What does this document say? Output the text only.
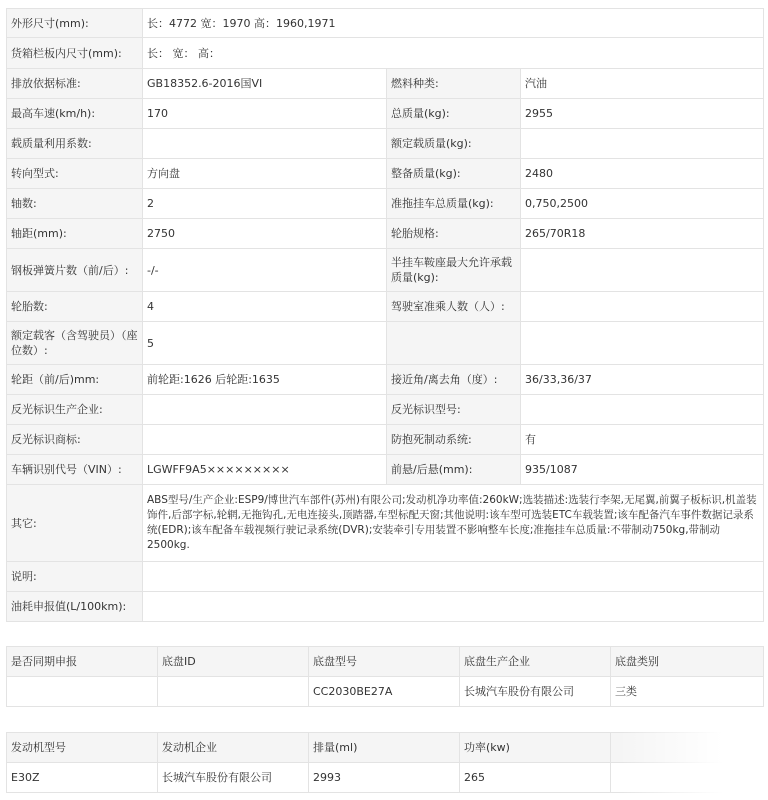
外形尺寸(mm):	长：4772 宽：1970 高：1960,1971		
货箱栏板内尺寸(mm):	长： 宽： 高：		
排放依据标准:	GB18352.6-2016国VI	燃料种类:	汽油
最高车速(km/h):	170	总质量(kg):	2955
载质量利用系数:		额定载质量(kg):	
转向型式:	方向盘	整备质量(kg):	2480
轴数:	2	准拖挂车总质量(kg):	0,750,2500
轴距(mm):	2750	轮胎规格:	265/70R18
钢板弹簧片数（前/后）:	-/-	半挂车鞍座最大允许承载质量(kg):	
轮胎数:	4	驾驶室准乘人数（人）:	
额定载客（含驾驶员）（座位数）:	5		
轮距（前/后)mm:	前轮距:1626 后轮距:1635	接近角/离去角（度）:	36/33,36/37
反光标识生产企业:		反光标识型号:	
反光标识商标:		防抱死制动系统:	有
车辆识别代号（VIN）:	LGWFF9A5×××××××××	前悬/后悬(mm):	935/1087
其它:	ABS型号/生产企业:ESP9/博世汽车部件(苏州)有限公司;发动机净功率值:260kW;选装描述:选装行李架,无尾翼,前翼子板标识,机盖装饰件,后部字标,轮辋,无拖钩孔,无电连接头,顶踏器,车型标配天窗;其他说明:该车型可选装ETC车载装置;该车配备汽车事件数据记录系统(EDR);该车配备车载视频行驶记录系统(DVR);安装牵引专用装置不影响整车长度;准拖挂车总质量:不带制动750kg,带制动2500kg.		
说明:			
油耗申报值(L/100km):			
是否同期申报	底盘ID	底盘型号	底盘生产企业	底盘类别
		CC2030BE27A	长城汽车股份有限公司	三类
发动机型号	发动机企业	排量(ml)	功率(kw)	
E30Z	长城汽车股份有限公司	2993	265	
